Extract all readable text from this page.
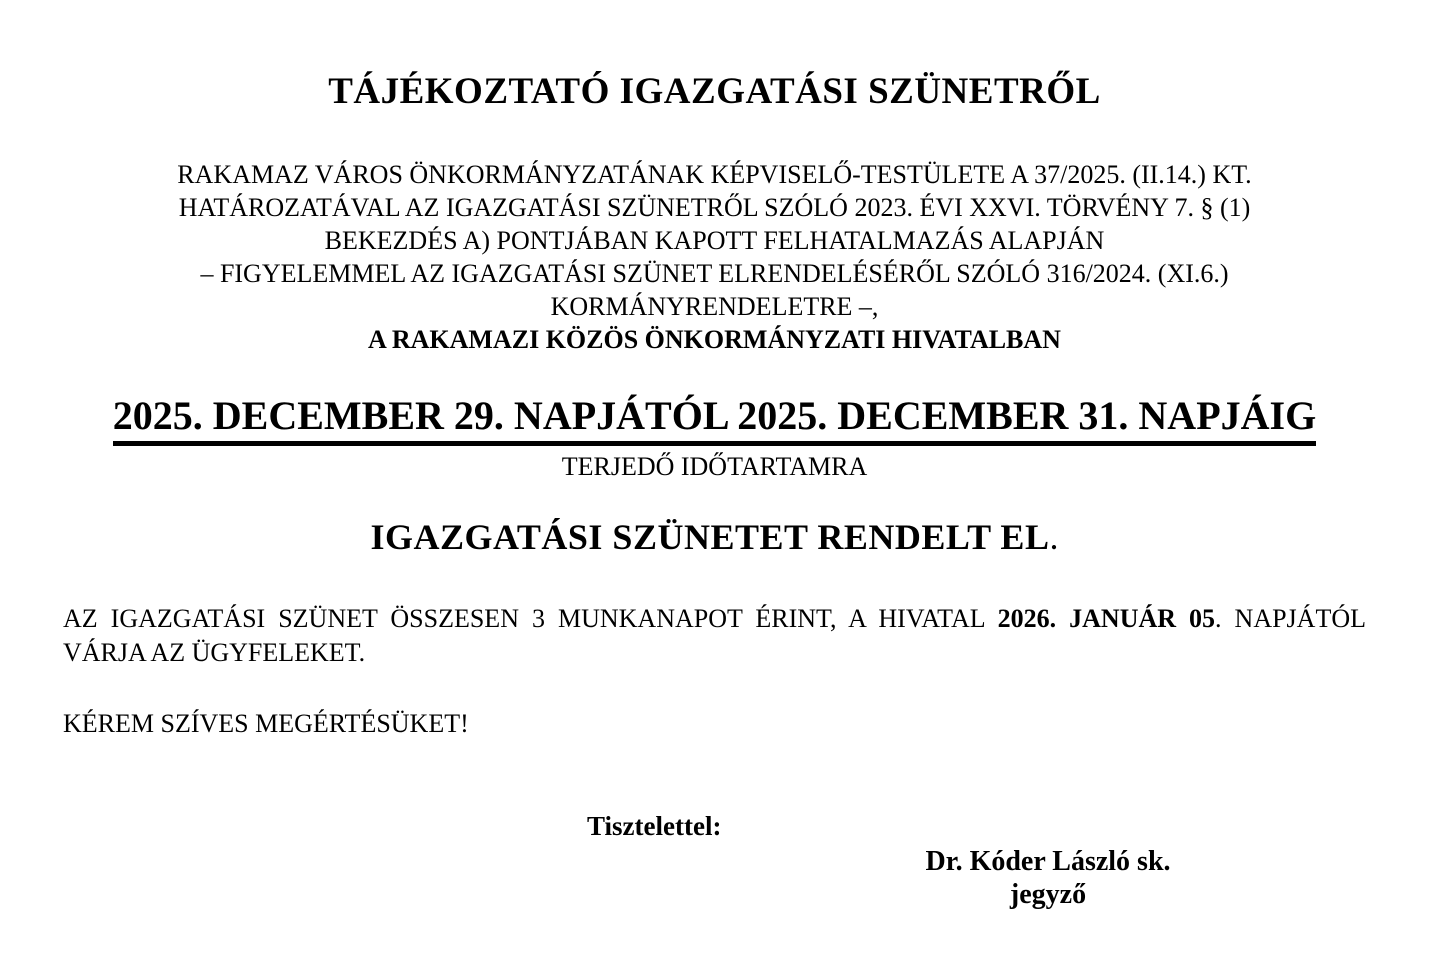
TÁJÉKOZTATÓ IGAZGATÁSI SZÜNETRŐL
RAKAMAZ VÁROS ÖNKORMÁNYZATÁNAK KÉPVISELŐ-TESTÜLETE A 37/2025. (II.14.) KT.
HATÁROZATÁVAL AZ IGAZGATÁSI SZÜNETRŐL SZÓLÓ 2023. ÉVI XXVI. TÖRVÉNY 7. § (1)
BEKEZDÉS A) PONTJÁBAN KAPOTT FELHATALMAZÁS ALAPJÁN
– FIGYELEMMEL AZ IGAZGATÁSI SZÜNET ELRENDELÉSÉRŐL SZÓLÓ 316/2024. (XI.6.)
KORMÁNYRENDELETRE –,
A RAKAMAZI KÖZÖS ÖNKORMÁNYZATI HIVATALBAN
2025. DECEMBER 29. NAPJÁTÓL 2025. DECEMBER 31. NAPJÁIG
TERJEDŐ IDŐTARTAMRA
IGAZGATÁSI SZÜNETET RENDELT EL.
AZ IGAZGATÁSI SZÜNET ÖSSZESEN 3 MUNKANAPOT ÉRINT, A HIVATAL 2026. JANUÁR 05. NAPJÁTÓL VÁRJA AZ ÜGYFELEKET.
KÉREM SZÍVES MEGÉRTÉSÜKET!
Tisztelettel:
Dr. Kóder László sk.
jegyző
